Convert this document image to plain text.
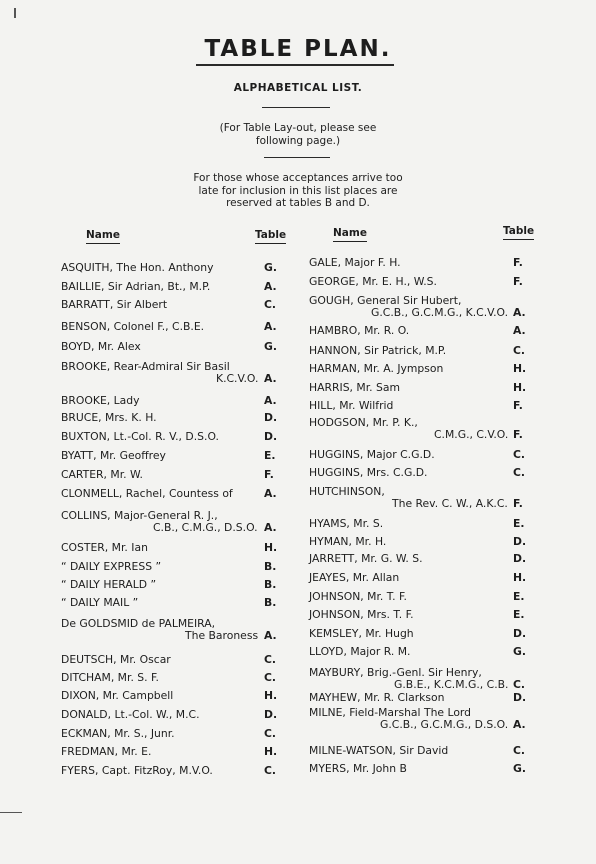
TABLE PLAN.
ALPHABETICAL LIST.
(For Table Lay-out, please see
following page.)
For those whose acceptances arrive too
late for inclusion in this list places are
reserved at tables B and D.
Name	Table	Name	Table
ASQUITH, The Hon. Anthony	G.
BAILLIE, Sir Adrian, Bt., M.P.	A.
BARRATT, Sir Albert	C.
BENSON, Colonel F., C.B.E.	A.
BOYD, Mr. Alex	G.
BROOKE, Rear-Admiral Sir Basil
K.C.V.O. A.
BROOKE, Lady	A.
BRUCE, Mrs. K. H.	D.
BUXTON, Lt.-Col. R. V., D.S.O.	D.
BYATT, Mr. Geoffrey	E.
CARTER, Mr. W.	F.
CLONMELL, Rachel, Countess of	A.
COLLINS, Major-General R. J.,
C.B., C.M.G., D.S.O. A.
COSTER, Mr. Ian	H.
“ DAILY EXPRESS ”	B.
“ DAILY HERALD ”	B.
“ DAILY MAIL ”	B.
De GOLDSMID de PALMEIRA,
The Baroness A.
DEUTSCH, Mr. Oscar	C.
DITCHAM, Mr. S. F.	C.
DIXON, Mr. Campbell	H.
DONALD, Lt.-Col. W., M.C.	D.
ECKMAN, Mr. S., Junr.	C.
FREDMAN, Mr. E.	H.
FYERS, Capt. FitzRoy, M.V.O.	C.
GALE, Major F. H.	F.
GEORGE, Mr. E. H., W.S.	F.
GOUGH, General Sir Hubert,
G.C.B., G.C.M.G., K.C.V.O. A.
HAMBRO, Mr. R. O.	A.
HANNON, Sir Patrick, M.P.	C.
HARMAN, Mr. A. Jympson	H.
HARRIS, Mr. Sam	H.
HILL, Mr. Wilfrid	F.
HODGSON, Mr. P. K.,
C.M.G., C.V.O. F.
HUGGINS, Major C.G.D.	C.
HUGGINS, Mrs. C.G.D.	C.
HUTCHINSON,
The Rev. C. W., A.K.C. F.
HYAMS, Mr. S.	E.
HYMAN, Mr. H.	D.
JARRETT, Mr. G. W. S.	D.
JEAYES, Mr. Allan	H.
JOHNSON, Mr. T. F.	E.
JOHNSON, Mrs. T. F.	E.
KEMSLEY, Mr. Hugh	D.
LLOYD, Major R. M.	G.
MAYBURY, Brig.-Genl. Sir Henry,
G.B.E., K.C.M.G., C.B. C.
MAYHEW, Mr. R. Clarkson	D.
MILNE, Field-Marshal The Lord
G.C.B., G.C.M.G., D.S.O. A.
MILNE-WATSON, Sir David	C.
MYERS, Mr. John B	G.
